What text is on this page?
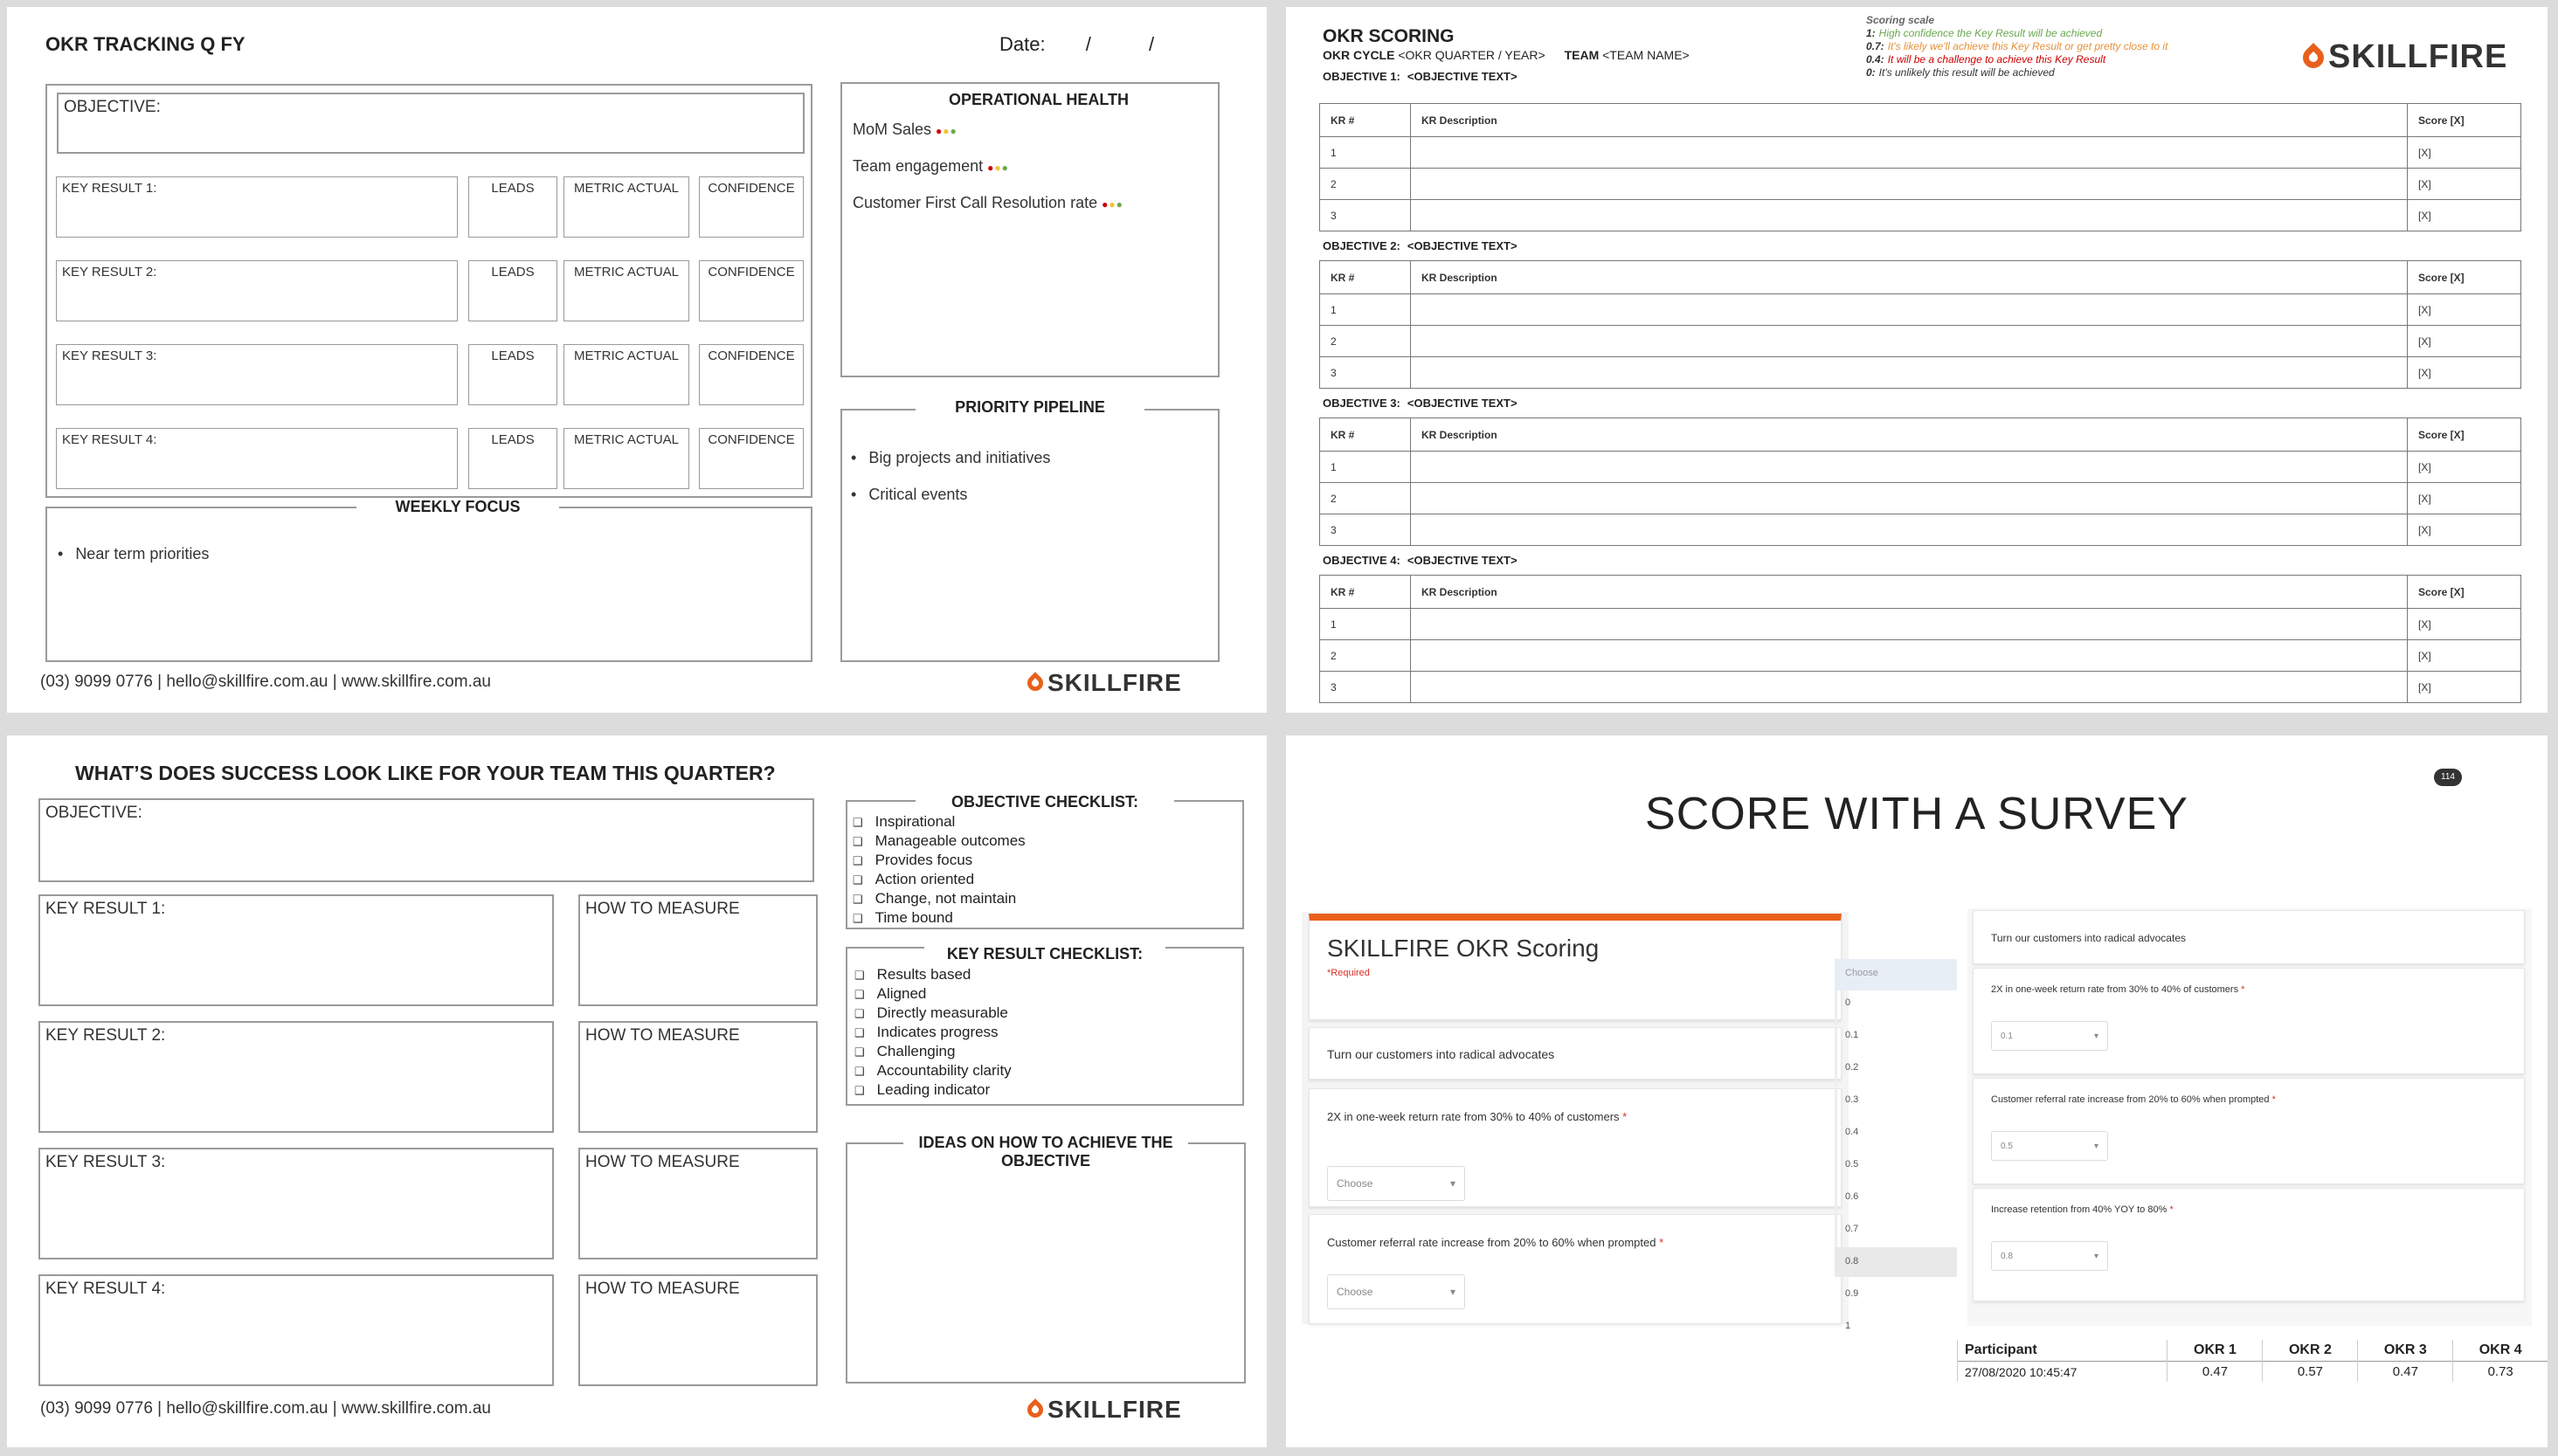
OKR TRACKING Q FY	Date: /	/
OBJECTIVE:
WEEKLY FOCUS
• Near term priorities
OPERATIONAL HEALTH
MoM Sales ●●●
Team engagement ●●●
Customer First Call Resolution rate ●●●
PRIORITY PIPELINE
• Big projects and initiatives
• Critical events
(03) 9099 0776 | hello@skillfire.com.au | www.skillfire.com.au	SKILLFIRE
KEY RESULT 1:	LEADS	METRIC ACTUAL	CONFIDENCE
KEY RESULT 2:	LEADS	METRIC ACTUAL	CONFIDENCE
KEY RESULT 3:	LEADS	METRIC ACTUAL	CONFIDENCE
KEY RESULT 4:	LEADS	METRIC ACTUAL	CONFIDENCE
OKR SCORING
OKR CYCLE <OKR QUARTER / YEAR> TEAM <TEAM NAME>
Scoring scale
1: High confidence the Key Result will be achieved
0.7: It's likely we'll achieve this Key Result or get pretty close to it
0.4: It will be a challenge to achieve this Key Result
0: It's unlikely this result will be achieved	SKILLFIRE
OBJECTIVE 1: <OBJECTIVE TEXT>
KR #	KR Description	Score [X]
1		[X]
2		[X]
3		[X]
OBJECTIVE 2: <OBJECTIVE TEXT>
KR #	KR Description	Score [X]
1		[X]
2		[X]
3		[X]
OBJECTIVE 3: <OBJECTIVE TEXT>
KR #	KR Description	Score [X]
1		[X]
2		[X]
3		[X]
OBJECTIVE 4: <OBJECTIVE TEXT>
KR #	KR Description	Score [X]
1		[X]
2		[X]
3		[X]
WHAT’S DOES SUCCESS LOOK LIKE FOR YOUR TEAM THIS QUARTER?
OBJECTIVE:
OBJECTIVE CHECKLIST:
❑ Inspirational
❑ Manageable outcomes
❑ Provides focus
❑ Action oriented
❑ Change, not maintain
❑ Time bound
KEY RESULT CHECKLIST:
❑ Results based
❑ Aligned
❑ Directly measurable
❑ Indicates progress
❑ Challenging
❑ Accountability clarity
❑ Leading indicator
IDEAS ON HOW TO ACHIEVE THE OBJECTIVE
(03) 9099 0776 | hello@skillfire.com.au | www.skillfire.com.au	SKILLFIRE
KEY RESULT 1:	HOW TO MEASURE
KEY RESULT 2:	HOW TO MEASURE
KEY RESULT 3:	HOW TO MEASURE
KEY RESULT 4:	HOW TO MEASURE
SCORE WITH A SURVEY
114
SKILLFIRE OKR Scoring
*Required
Turn our customers into radical advocates
2X in one-week return rate from 30% to 40% of customers *
Choose	▾
Customer referral rate increase from 20% to 60% when prompted *
Choose	▾
Choose
0
0.1
0.2
0.3
0.4
0.5
0.6
0.7
0.8
0.9
1
Turn our customers into radical advocates
2X in one-week return rate from 30% to 40% of customers *
0.1	▾
Customer referral rate increase from 20% to 60% when prompted *
0.5	▾
Increase retention from 40% YOY to 80% *
0.8	▾
Participant	OKR 1	OKR 2	OKR 3	OKR 4
27/08/2020 10:45:47	0.47	0.57	0.47	0.73
